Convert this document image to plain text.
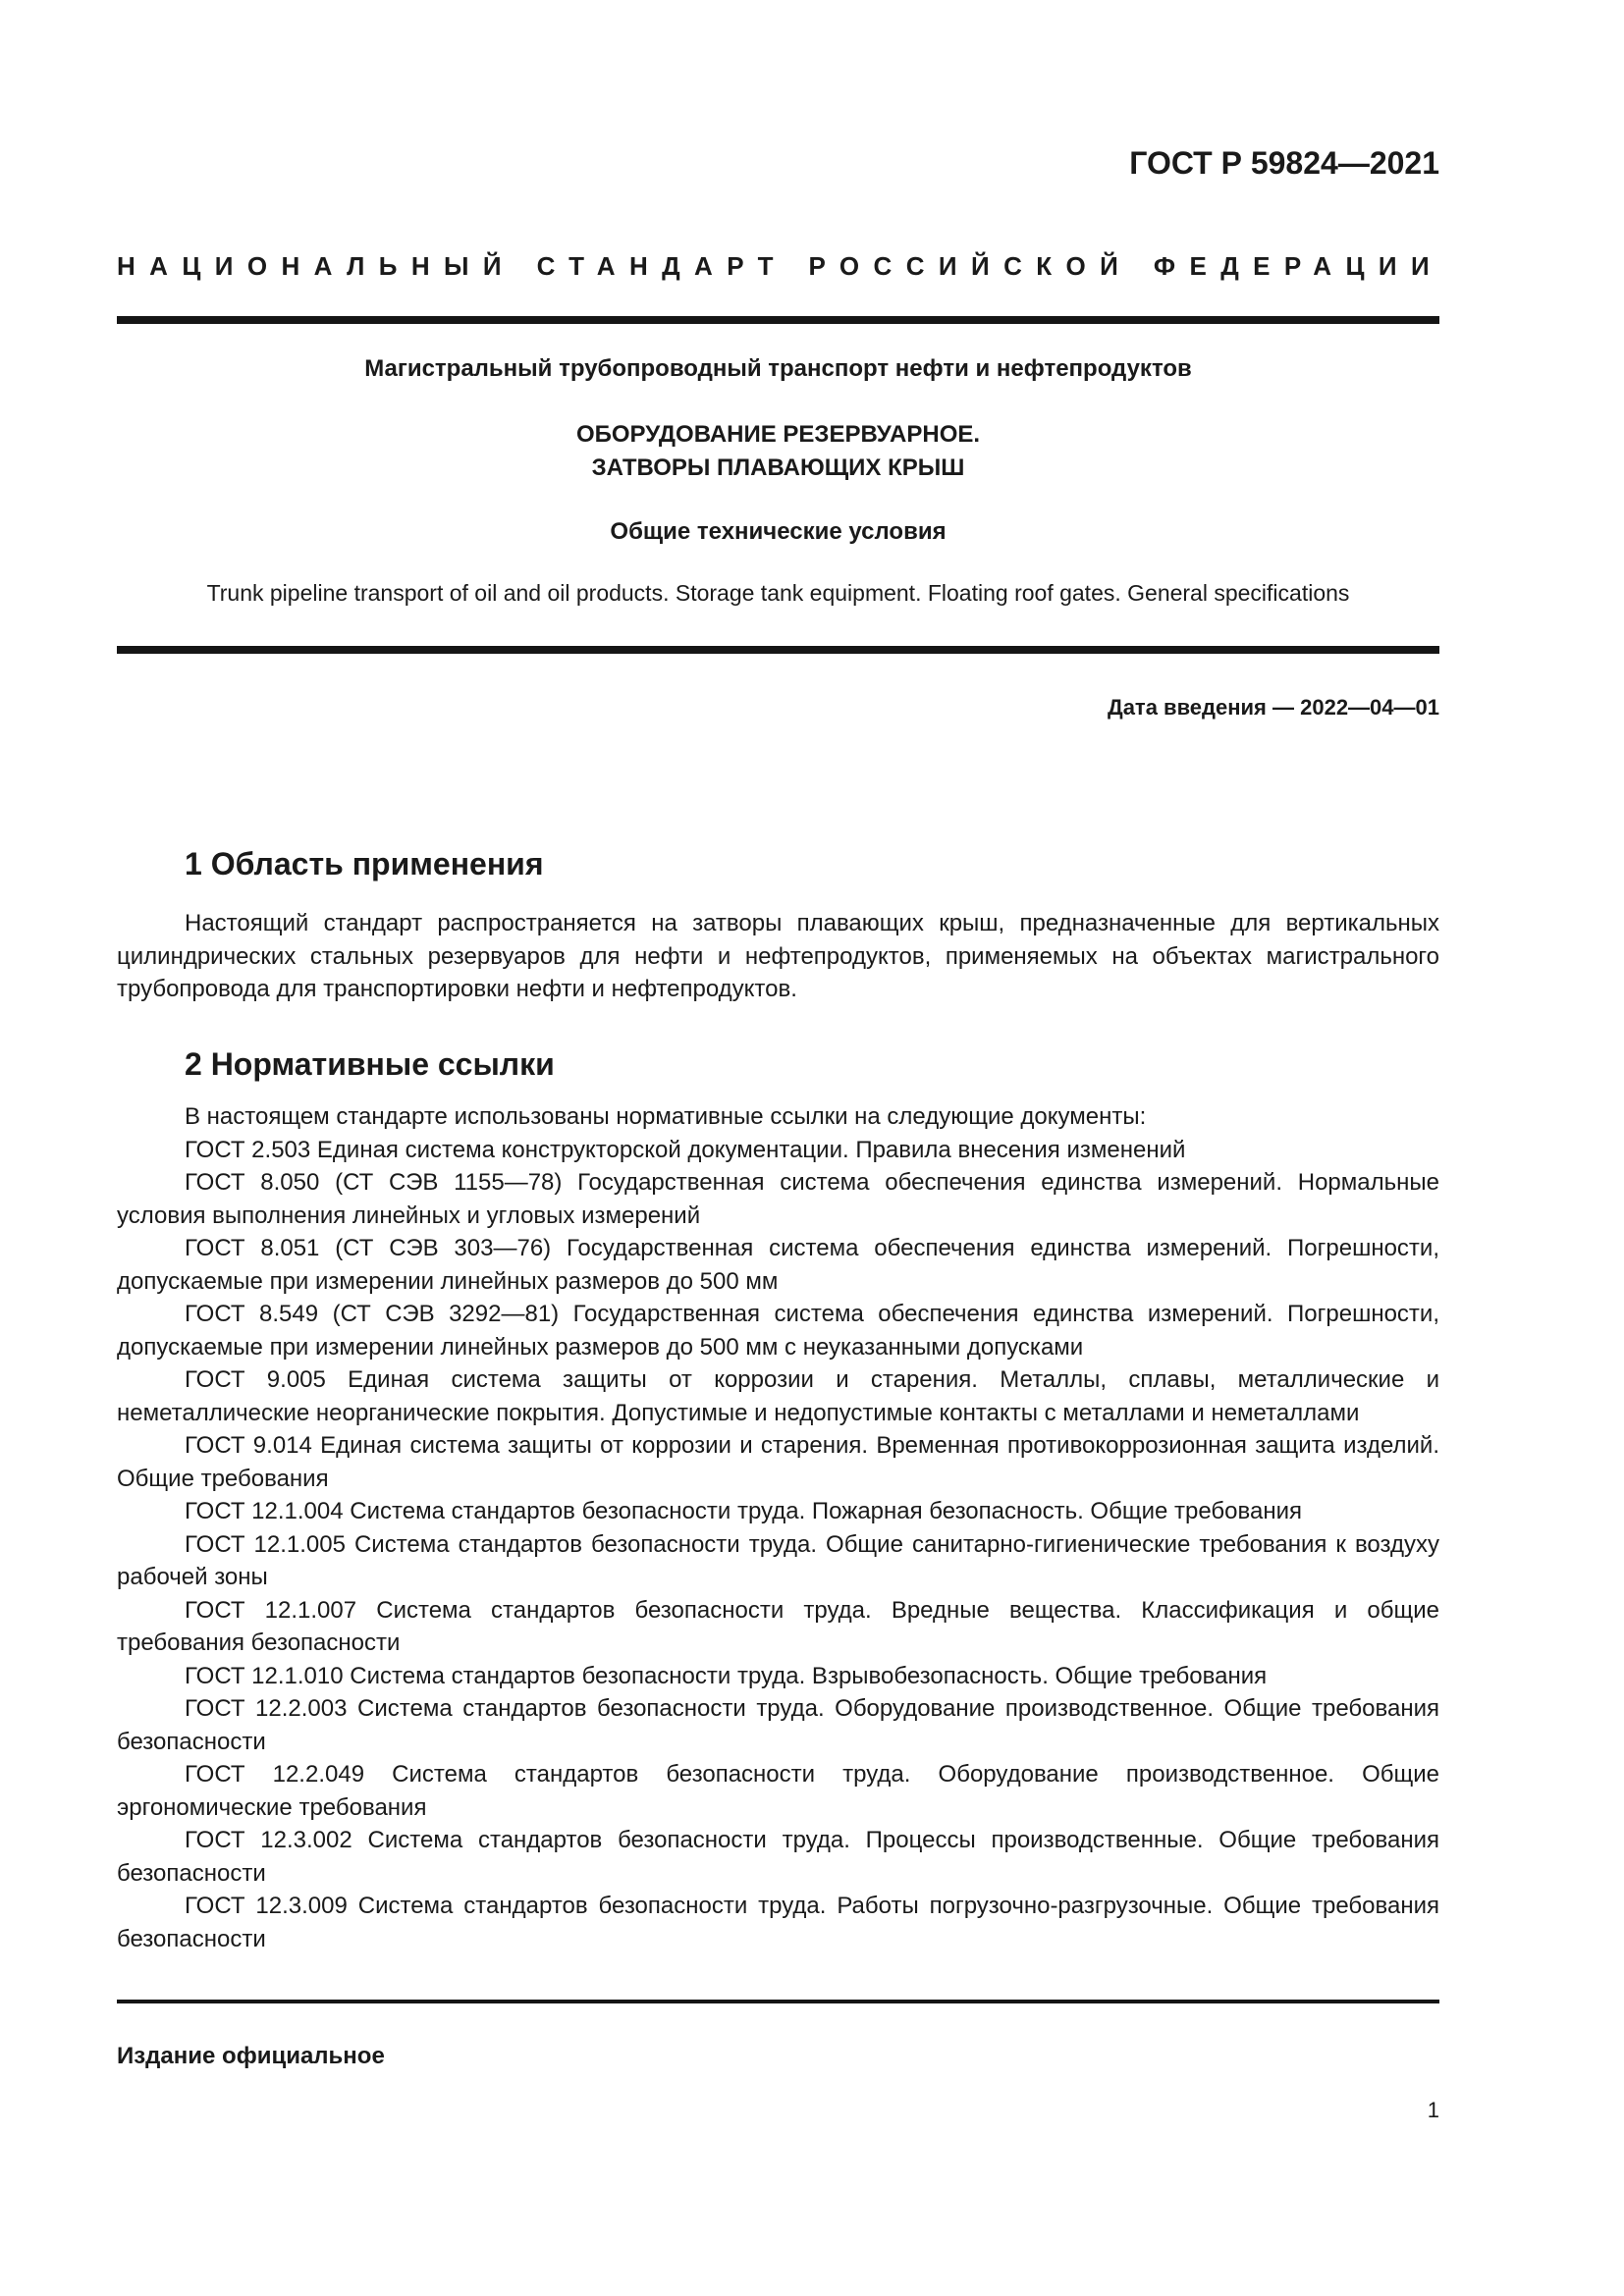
ГОСТ Р 59824—2021

НАЦИОНАЛЬНЫЙ СТАНДАРТ РОССИЙСКОЙ ФЕДЕРАЦИИ

Магистральный трубопроводный транспорт нефти и нефтепродуктов

ОБОРУДОВАНИЕ РЕЗЕРВУАРНОЕ.
ЗАТВОРЫ ПЛАВАЮЩИХ КРЫШ

Общие технические условия

Trunk pipeline transport of oil and oil products. Storage tank equipment. Floating roof gates. General specifications

Дата введения — 2022—04—01

1 Область применения

Настоящий стандарт распространяется на затворы плавающих крыш, предназначенные для вертикальных цилиндрических стальных резервуаров для нефти и нефтепродуктов, применяемых на объектах магистрального трубопровода для транспортировки нефти и нефтепродуктов.

2 Нормативные ссылки

В настоящем стандарте использованы нормативные ссылки на следующие документы:

ГОСТ 2.503 Единая система конструкторской документации. Правила внесения изменений

ГОСТ 8.050 (СТ СЭВ 1155—78) Государственная система обеспечения единства измерений. Нормальные условия выполнения линейных и угловых измерений

ГОСТ 8.051 (СТ СЭВ 303—76) Государственная система обеспечения единства измерений. Погрешности, допускаемые при измерении линейных размеров до 500 мм

ГОСТ 8.549 (СТ СЭВ 3292—81) Государственная система обеспечения единства измерений. Погрешности, допускаемые при измерении линейных размеров до 500 мм с неуказанными допусками

ГОСТ 9.005 Единая система защиты от коррозии и старения. Металлы, сплавы, металлические и неметаллические неорганические покрытия. Допустимые и недопустимые контакты с металлами и неметаллами

ГОСТ 9.014 Единая система защиты от коррозии и старения. Временная противокоррозионная защита изделий. Общие требования

ГОСТ 12.1.004 Система стандартов безопасности труда. Пожарная безопасность. Общие требования

ГОСТ 12.1.005 Система стандартов безопасности труда. Общие санитарно-гигиенические требования к воздуху рабочей зоны

ГОСТ 12.1.007 Система стандартов безопасности труда. Вредные вещества. Классификация и общие требования безопасности

ГОСТ 12.1.010 Система стандартов безопасности труда. Взрывобезопасность. Общие требования

ГОСТ 12.2.003 Система стандартов безопасности труда. Оборудование производственное. Общие требования безопасности

ГОСТ 12.2.049 Система стандартов безопасности труда. Оборудование производственное. Общие эргономические требования

ГОСТ 12.3.002 Система стандартов безопасности труда. Процессы производственные. Общие требования безопасности

ГОСТ 12.3.009 Система стандартов безопасности труда. Работы погрузочно-разгрузочные. Общие требования безопасности

Издание официальное

1
